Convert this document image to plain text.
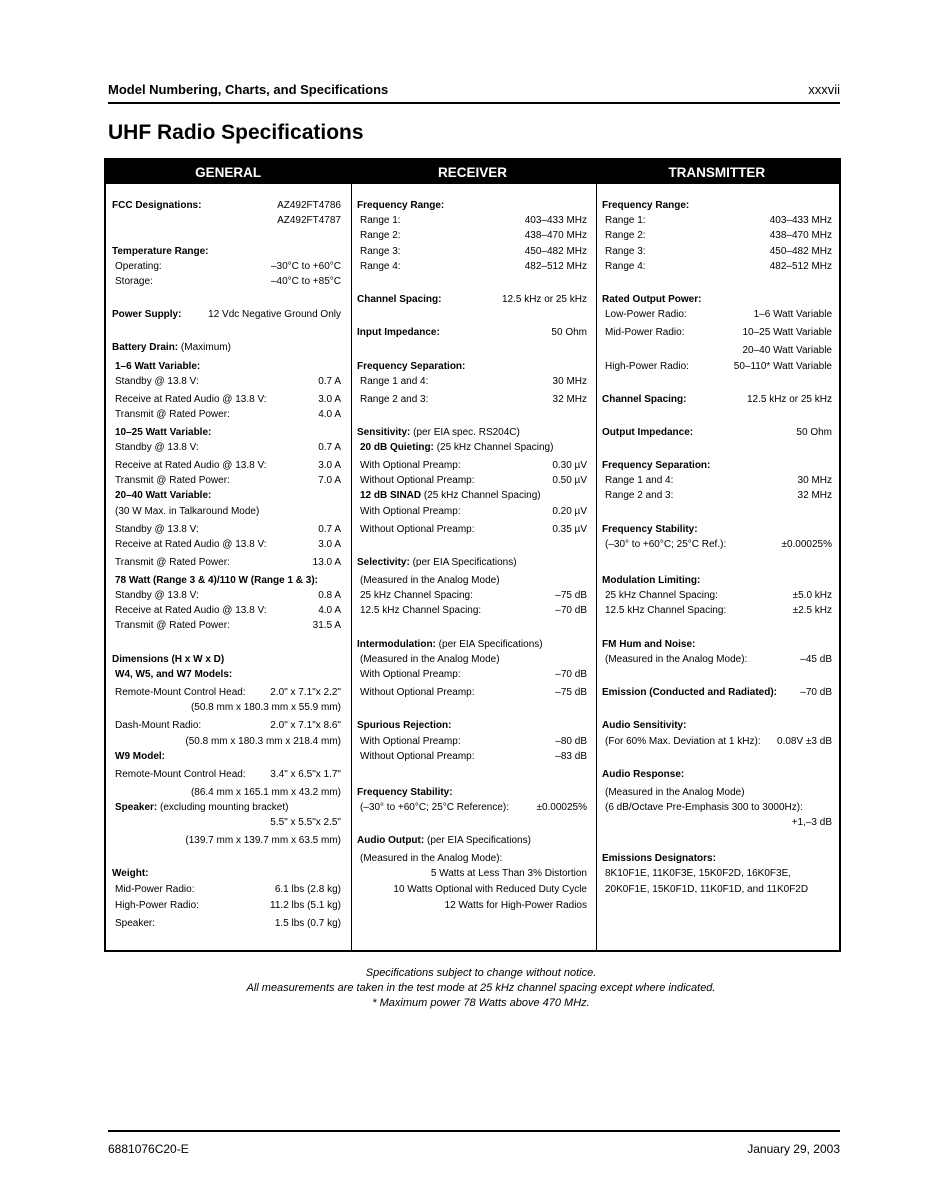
Model Numbering, Charts, and Specifications	xxxvii
UHF Radio Specifications
GENERAL	RECEIVER	TRANSMITTER
FCC Designations:	AZ492FT4786
AZ492FT4787
Temperature Range:
Operating:	–30°C to +60°C
Storage:	–40°C to +85°C
Power Supply:	12 Vdc Negative Ground Only
Battery Drain: (Maximum)
1–6 Watt Variable:
Standby @ 13.8 V:	0.7 A
Receive at Rated Audio @ 13.8 V:	3.0 A
Transmit @ Rated Power:	4.0 A
10–25 Watt Variable:
Standby @ 13.8 V:	0.7 A
Receive at Rated Audio @ 13.8 V:	3.0 A
Transmit @ Rated Power:	7.0 A
20–40 Watt Variable:
(30 W Max. in Talkaround Mode)
Standby @ 13.8 V:	0.7 A
Receive at Rated Audio @ 13.8 V:	3.0 A
Transmit @ Rated Power:	13.0 A
78 Watt (Range 3 & 4)/110 W (Range 1 & 3):
Standby @ 13.8 V:	0.8 A
Receive at Rated Audio @ 13.8 V:	4.0 A
Transmit @ Rated Power:	31.5 A
Dimensions (H x W x D)
W4, W5, and W7 Models:
Remote-Mount Control Head: 2.0" x 7.1"x 2.2"
(50.8 mm x 180.3 mm x 55.9 mm)
Dash-Mount Radio:	2.0" x 7.1"x 8.6"
(50.8 mm x 180.3 mm x 218.4 mm)
W9 Model:
Remote-Mount Control Head: 3.4" x 6.5"x 1.7"
(86.4 mm x 165.1 mm x 43.2 mm)
Speaker: (excluding mounting bracket)
5.5" x 5.5"x 2.5"
(139.7 mm x 139.7 mm x 63.5 mm)
Weight:
Mid-Power Radio:	6.1 lbs (2.8 kg)
High-Power Radio:	11.2 lbs (5.1 kg)
Speaker:	1.5 lbs (0.7 kg)
Frequency Range:
Range 1:	403–433 MHz
Range 2:	438–470 MHz
Range 3:	450–482 MHz
Range 4:	482–512 MHz
Channel Spacing:	12.5 kHz or 25 kHz
Input Impedance:	50 Ohm
Frequency Separation:
Range 1 and 4:	30 MHz
Range 2 and 3:	32 MHz
Sensitivity: (per EIA spec. RS204C)
20 dB Quieting: (25 kHz Channel Spacing)
With Optional Preamp:	0.30 µV
Without Optional Preamp:	0.50 µV
12 dB SINAD (25 kHz Channel Spacing)
With Optional Preamp:	0.20 µV
Without Optional Preamp:	0.35 µV
Selectivity: (per EIA Specifications)
(Measured in the Analog Mode)
25 kHz Channel Spacing:	–75 dB
12.5 kHz Channel Spacing:	–70 dB
Intermodulation: (per EIA Specifications)
(Measured in the Analog Mode)
With Optional Preamp:	–70 dB
Without Optional Preamp:	–75 dB
Spurious Rejection:
With Optional Preamp:	–80 dB
Without Optional Preamp:	–83 dB
Frequency Stability:
(–30° to +60°C; 25°C Reference):	±0.00025%
Audio Output: (per EIA Specifications)
(Measured in the Analog Mode):
5 Watts at Less Than 3% Distortion
10 Watts Optional with Reduced Duty Cycle
12 Watts for High-Power Radios
Frequency Range:
Range 1:	403–433 MHz
Range 2:	438–470 MHz
Range 3:	450–482 MHz
Range 4:	482–512 MHz
Rated Output Power:
Low-Power Radio:	1–6 Watt Variable
Mid-Power Radio:	10–25 Watt Variable
20–40 Watt Variable
High-Power Radio:	50–110* Watt Variable
Channel Spacing:	12.5 kHz or 25 kHz
Output Impedance:	50 Ohm
Frequency Separation:
Range 1 and 4:	30 MHz
Range 2 and 3:	32 MHz
Frequency Stability:
(–30° to +60°C; 25°C Ref.):	±0.00025%
Modulation Limiting:
25 kHz Channel Spacing:	±5.0 kHz
12.5 kHz Channel Spacing:	±2.5 kHz
FM Hum and Noise:
(Measured in the Analog Mode):	–45 dB
Emission (Conducted and Radiated): –70 dB
Audio Sensitivity:
(For 60% Max. Deviation at 1 kHz): 0.08V ±3 dB
Audio Response:
(Measured in the Analog Mode)
(6 dB/Octave Pre-Emphasis 300 to 3000Hz):
+1,–3 dB
Emissions Designators:
8K10F1E, 11K0F3E, 15K0F2D, 16K0F3E,
20K0F1E, 15K0F1D, 11K0F1D, and 11K0F2D
Specifications subject to change without notice.
All measurements are taken in the test mode at 25 kHz channel spacing except where indicated.
* Maximum power 78 Watts above 470 MHz.
6881076C20-E	January 29, 2003
